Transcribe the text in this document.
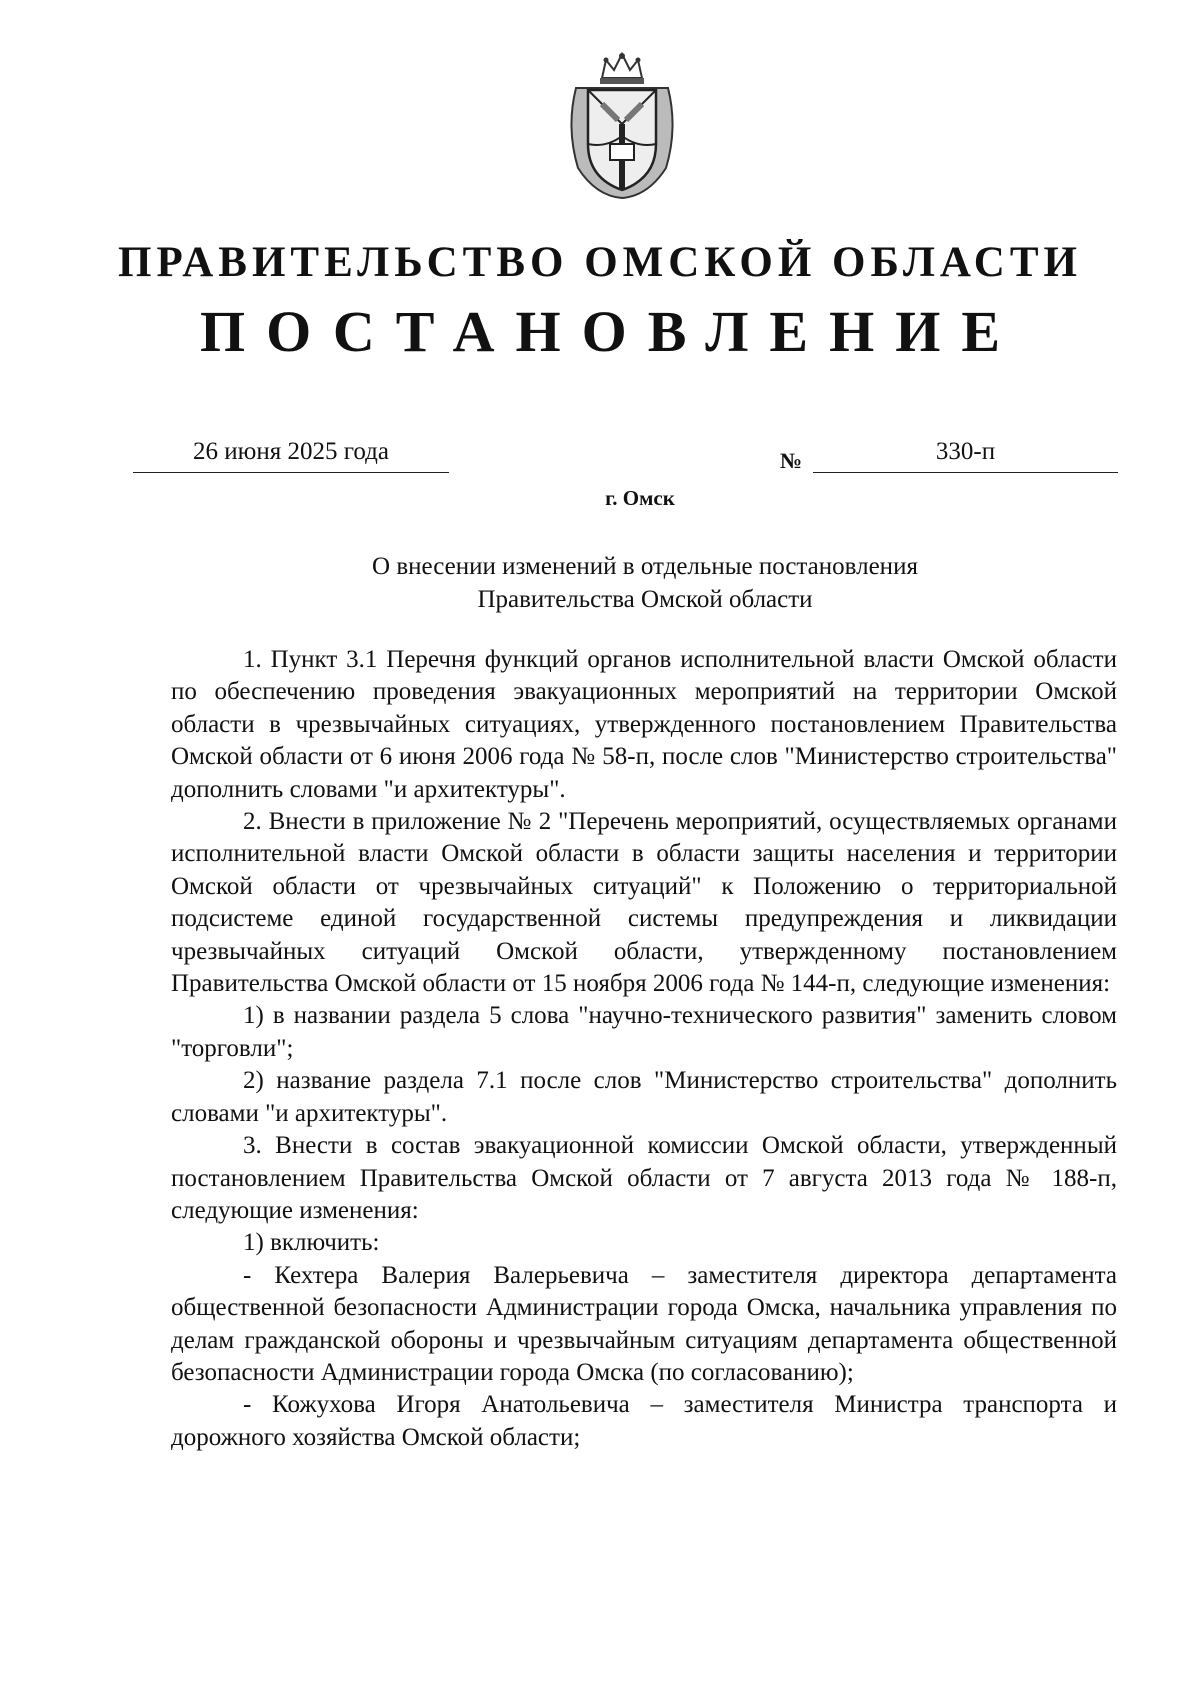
ПРАВИТЕЛЬСТВО ОМСКОЙ ОБЛАСТИ
ПОСТАНОВЛЕНИЕ
26 июня 2025 года	№	330-п
г. Омск
О внесении изменений в отдельные постановления
Правительства Омской области

1. Пункт 3.1 Перечня функций органов исполнительной власти Омской области по обеспечению проведения эвакуационных мероприятий на территории Омской области в чрезвычайных ситуациях, утвержденного постановлением Правительства Омской области от 6 июня 2006 года № 58-п, после слов "Министерство строительства" дополнить словами "и архитектуры".

2. Внести в приложение № 2 "Перечень мероприятий, осуществляемых органами исполнительной власти Омской области в области защиты населения и территории Омской области от чрезвычайных ситуаций" к Положению о территориальной подсистеме единой государственной системы предупреждения и ликвидации чрезвычайных ситуаций Омской области, утвержденному постановлением Правительства Омской области от 15 ноября 2006 года № 144-п, следующие изменения:

1) в названии раздела 5 слова "научно-технического развития" заменить словом "торговли";

2) название раздела 7.1 после слов "Министерство строительства" дополнить словами "и архитектуры".

3. Внести в состав эвакуационной комиссии Омской области, утвержденный постановлением Правительства Омской области от 7 августа 2013 года № 188-п, следующие изменения:

1) включить:

- Кехтера Валерия Валерьевича – заместителя директора департамента общественной безопасности Администрации города Омска, начальника управления по делам гражданской обороны и чрезвычайным ситуациям департамента общественной безопасности Администрации города Омска (по согласованию);

- Кожухова Игоря Анатольевича – заместителя Министра транспорта и дорожного хозяйства Омской области;
